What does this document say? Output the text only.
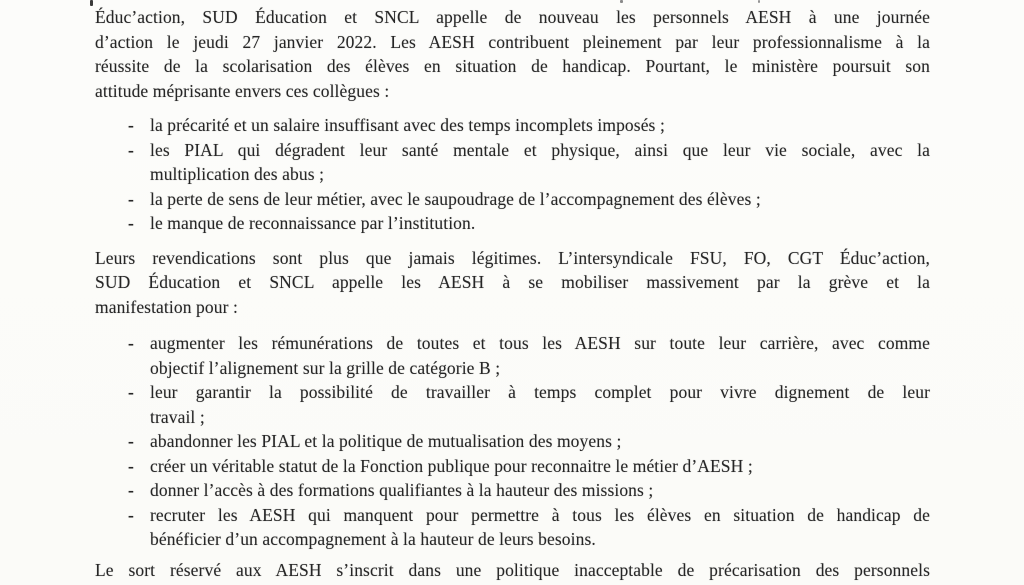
Éduc’action, SUD Éducation et SNCL appelle de nouveau les personnels AESH à une journée
d’action le jeudi 27 janvier 2022. Les AESH contribuent pleinement par leur professionnalisme à la
réussite de la scolarisation des élèves en situation de handicap. Pourtant, le ministère poursuit son
attitude méprisante envers ces collègues :
- la précarité et un salaire insuffisant avec des temps incomplets imposés ;
- les PIAL qui dégradent leur santé mentale et physique, ainsi que leur vie sociale, avec la
multiplication des abus ;
- la perte de sens de leur métier, avec le saupoudrage de l’accompagnement des élèves ;
- le manque de reconnaissance par l’institution.
Leurs revendications sont plus que jamais légitimes. L’intersyndicale FSU, FO, CGT Éduc’action,
SUD Éducation et SNCL appelle les AESH à se mobiliser massivement par la grève et la
manifestation pour :
- augmenter les rémunérations de toutes et tous les AESH sur toute leur carrière, avec comme
objectif l’alignement sur la grille de catégorie B ;
- leur garantir la possibilité de travailler à temps complet pour vivre dignement de leur
travail ;
- abandonner les PIAL et la politique de mutualisation des moyens ;
- créer un véritable statut de la Fonction publique pour reconnaitre le métier d’AESH ;
- donner l’accès à des formations qualifiantes à la hauteur des missions ;
- recruter les AESH qui manquent pour permettre à tous les élèves en situation de handicap de
bénéficier d’un accompagnement à la hauteur de leurs besoins.
Le sort réservé aux AESH s’inscrit dans une politique inacceptable de précarisation des personnels
